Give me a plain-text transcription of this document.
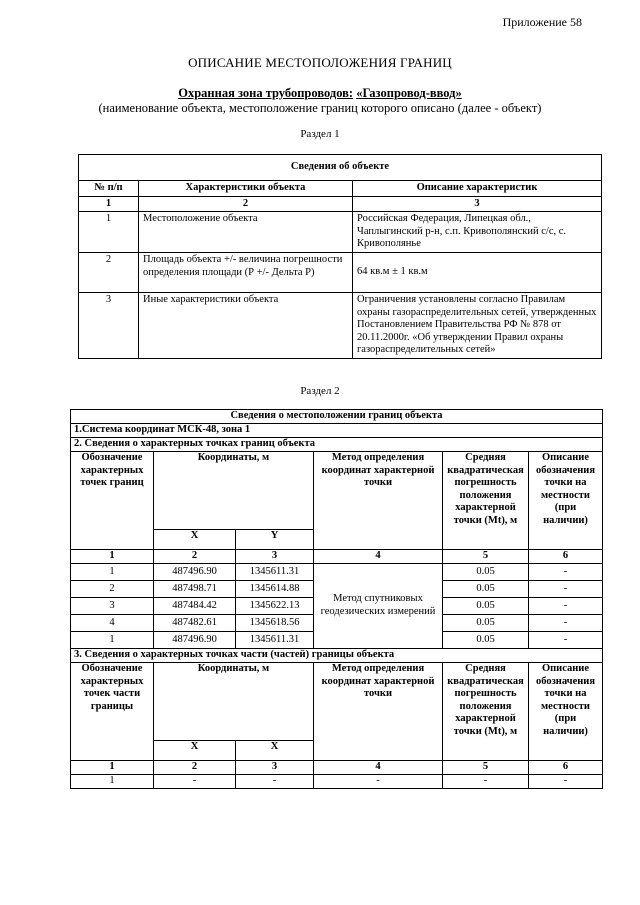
Приложение 58
ОПИСАНИЕ МЕСТОПОЛОЖЕНИЯ ГРАНИЦ
Охранная зона трубопроводов: «Газопровод-ввод»
(наименование объекта, местоположение границ которого описано (далее - объект)
Раздел 1
Сведения об объекте		
№ п/п	Характеристики объекта	Описание характеристик
1	2	3
1	Местоположение объекта	Российская Федерация, Липецкая обл., Чаплыгинский р-н, с.п. Кривополянский с/с, с. Кривополянье
2	Площадь объекта +/- величина погрешности определения площади (Р +/- Дельта Р)	64 кв.м ± 1 кв.м
3	Иные характеристики объекта	Ограничения установлены согласно Правилам охраны газораспределительных сетей, утвержденных Постановлением Правительства РФ № 878 от 20.11.2000г. «Об утверждении Правил охраны газораспределительных сетей»
Раздел 2
Сведения о местоположении границ объекта					
1.Система координат МСК-48, зона 1					
2. Сведения о характерных точках границ объекта					
Обозначение характерных точек границ	Координаты, м		Метод определения координат характерной точки	Средняя квадратическая погрешность положения характерной точки (Mt), м	Описание обозначения точки на местности (при наличии)
	X	Y			
1	2	3	4	5	6
1	487496.90	1345611.31	Метод спутниковых геодезических измерений	0.05	-
2	487498.71	1345614.88		0.05	-
3	487484.42	1345622.13		0.05	-
4	487482.61	1345618.56		0.05	-
1	487496.90	1345611.31		0.05	-
3. Сведения о характерных точках части (частей) границы объекта					
Обозначение характерных точек части границы	Координаты, м		Метод определения координат характерной точки	Средняя квадратическая погрешность положения характерной точки (Mt), м	Описание обозначения точки на местности (при наличии)
	X	X			
1	2	3	4	5	6
1	-	-	-	-	-
